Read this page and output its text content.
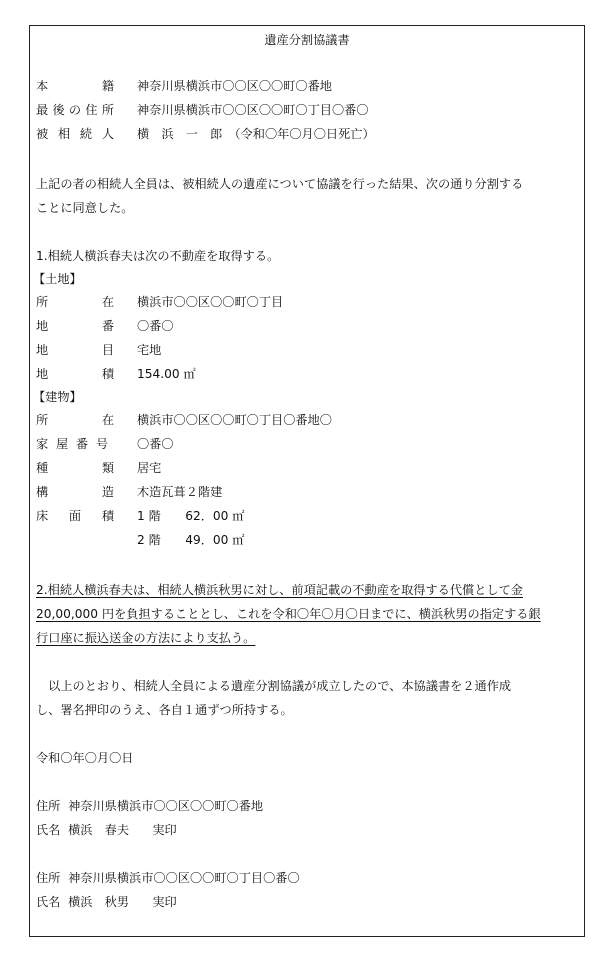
遺産分割協議書
本	籍 神奈川県横浜市〇〇区〇〇町〇番地
最 後 の 住 所 神奈川県横浜市〇〇区〇〇町〇丁目〇番〇
被 相 続 人 横　浜　一　郎　（令和〇年〇月〇日死亡）
上記の者の相続人全員は、被相続人の遺産について協議を行った結果、次の通り分割する
ことに同意した。
1.相続人横浜春夫は次の不動産を取得する。
【土地】
所	在 横浜市〇〇区〇〇町〇丁目
地	番 〇番〇
地	目 宅地
地	積 154.00 ㎡
【建物】
所	在 横浜市〇〇区〇〇町〇丁目〇番地〇
家 屋 番 号 〇番〇
種	類 居宅
構	造 木造瓦葺２階建
床 面 積 1 階　　62．00 ㎡
2 階　　49．00 ㎡
2.相続人横浜春夫は、相続人横浜秋男に対し、前項記載の不動産を取得する代償として金
20,00,000 円を負担することとし、これを令和〇年〇月〇日までに、横浜秋男の指定する銀
行口座に振込送金の方法により支払う。
　以上のとおり、相続人全員による遺産分割協議が成立したので、本協議書を２通作成
し、署名押印のうえ、各自１通ずつ所持する。
令和〇年〇月〇日
住所 神奈川県横浜市〇〇区〇〇町〇番地
氏名 横浜　春夫 実印
住所 神奈川県横浜市〇〇区〇〇町〇丁目〇番〇
氏名 横浜　秋男 実印
